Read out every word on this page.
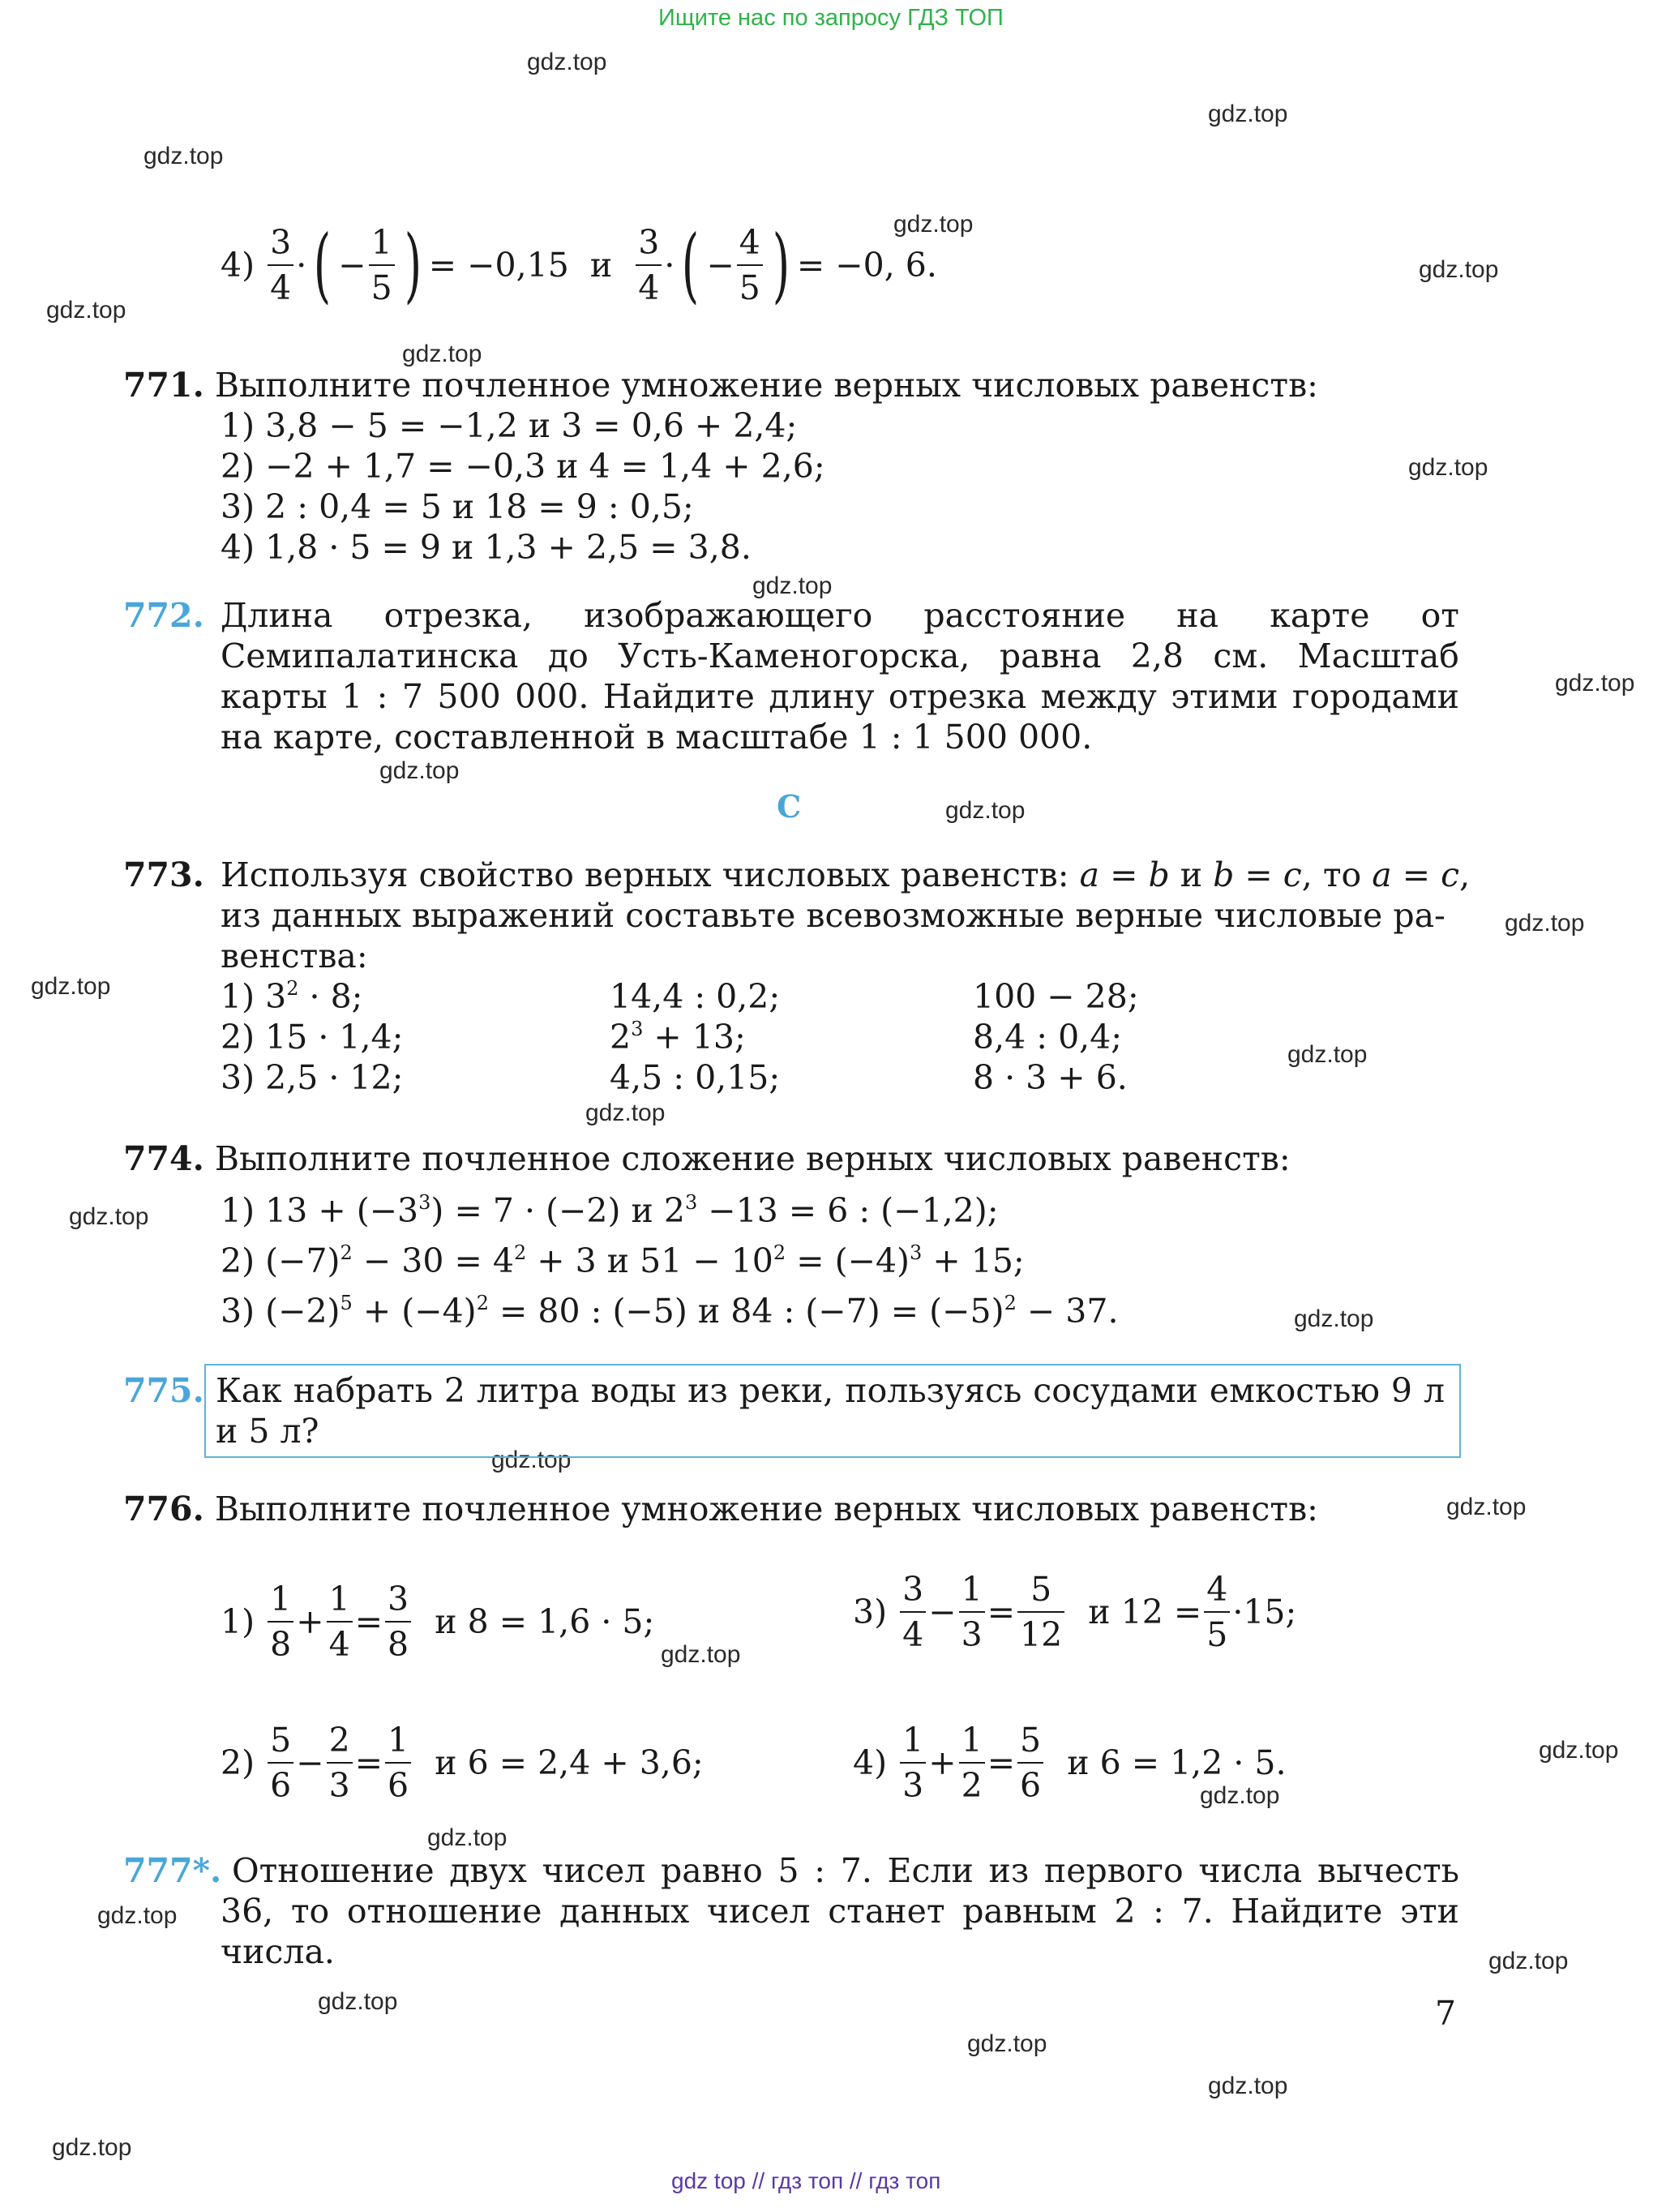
Ищите нас по запросу ГДЗ ТОП
gdz.top
gdz.top
gdz.top
gdz.top
gdz.top
gdz.top
gdz.top
gdz.top
gdz.top
gdz.top
gdz.top
gdz.top
gdz.top
gdz.top
gdz.top
gdz.top
gdz.top
gdz.top
gdz.top
gdz.top
gdz.top
gdz.top
gdz.top
gdz.top
gdz.top
gdz.top
gdz.top
gdz.top
gdz.top
gdz.top
4)
$\frac{3}{4}$ · ( − $\frac{1}{5}$ ) = −0,15
и
$\frac{3}{4}$ · ( − $\frac{4}{5}$ ) = −0, 6.
771. Выполните почленное умножение верных числовых равенств:
1) 3,8 − 5 = −1,2 и 3 = 0,6 + 2,4;
2) −2 + 1,7 = −0,3 и 4 = 1,4 + 2,6;
3) 2 : 0,4 = 5 и 18 = 9 : 0,5;
4) 1,8 · 5 = 9 и 1,3 + 2,5 = 3,8.
772. Длина отрезка, изображающего расстояние на карте от Семипалатинска до Усть-Каменогорска, равна 2,8 см. Масштаб карты 1 : 7 500 000. Найдите длину отрезка между этими городами на карте, составленной в масштабе 1 : 1 500 000.
C
773. Используя свойство верных числовых равенств: a = b и b = c, то a = c,
из данных выражений составьте всевозможные верные числовые ра-
венства:
1) $3^2 \cdot 8$;	14,4 : 0,2;	100 − 28;
2) 15 · 1,4;	$2^3 + 13$;	8,4 : 0,4;
3) 2,5 · 12;	4,5 : 0,15;	8 · 3 + 6.
774. Выполните почленное сложение верных числовых равенств:
1) $13 + (-3^3) = 7 \cdot (-2)$ и $2^3 -13 = 6$ : (−1,2);
2) $(-7)^2 - 30 = 4^2 + 3$ и $51 - 10^2 = (-4)^3 + 15$;
3) $(-2)^5 + (-4)^2 = 80$ : (−5) и 84 : $(-7) = (-5)^2 - 37$.
775. Как набрать 2 литра воды из реки, пользуясь сосудами емкостью 9 л и 5 л?
776. Выполните почленное умножение верных числовых равенств:
1)
$\frac{1}{8} + \frac{1}{4} = \frac{3}{8}$
и 8 = 1,6 · 5;	3)
$\frac{3}{4} - \frac{1}{3} = \frac{5}{12}$
и $12 = \frac{4}{5} \cdot 15$;
2)
$\frac{5}{6} - \frac{2}{3} = \frac{1}{6}$
и 6 = 2,4 + 3,6;	4)
$\frac{1}{3} + \frac{1}{2} = \frac{5}{6}$
и 6 = 1,2 · 5.
777*. Отношение двух чисел равно 5 : 7. Если из первого числа вычесть 36, то отношение данных чисел станет равным 2 : 7. Найдите эти числа.
7
gdz top // гдз топ // гдз топ
